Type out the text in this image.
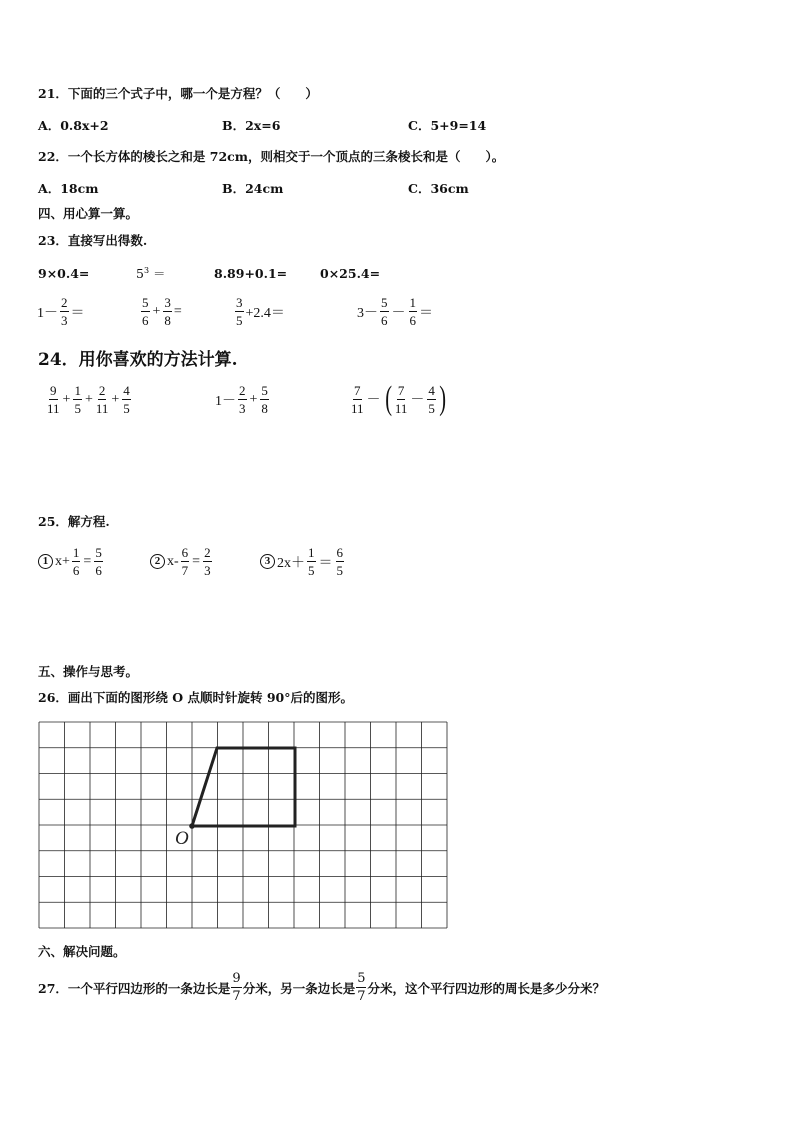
21．下面的三个式子中，哪一个是方程？（　　）
A．0.8x+2	B．2x=6	C．5+9=14
22．一个长方体的棱长之和是 72cm，则相交于一个顶点的三条棱长和是（　　）。
A．18cm	B．24cm	C．36cm
四、用心算一算。
23．直接写出得数.
9×0.4=	$5^3$ ＝	8.89+0.1=	0×25.4=
$1- \frac{2}{3}$ ＝	$\frac{5}{6} + \frac{3}{8}$ =	$\frac{3}{5} +2.4=$	$3- \frac{5}{6} - \frac{1}{6}$ ＝
24．用你喜欢的方法计算.
$\frac{9}{11} + \frac{1}{5} + \frac{2}{11} + \frac{4}{5}$	$1- \frac{2}{3} + \frac{5}{8}$	$\frac{7}{11}$ － ( $\frac{7}{11} - \frac{4}{5}$ )
25．解方程.
1 $x+ \frac{1}{6} = \frac{5}{6}$	2 $x- \frac{6}{7} = \frac{2}{3}$	3 $2x+ \frac{1}{5} = \frac{6}{5}$
五、操作与思考。
26．画出下面的图形绕 O 点顺时针旋转 90°后的图形。
O
六、解决问题。
27．一个平行四边形的一条边长是 $\frac{9}{7}$ 分米，另一条边长是 $\frac{5}{7}$ 分米，这个平行四边形的周长是多少分米？
